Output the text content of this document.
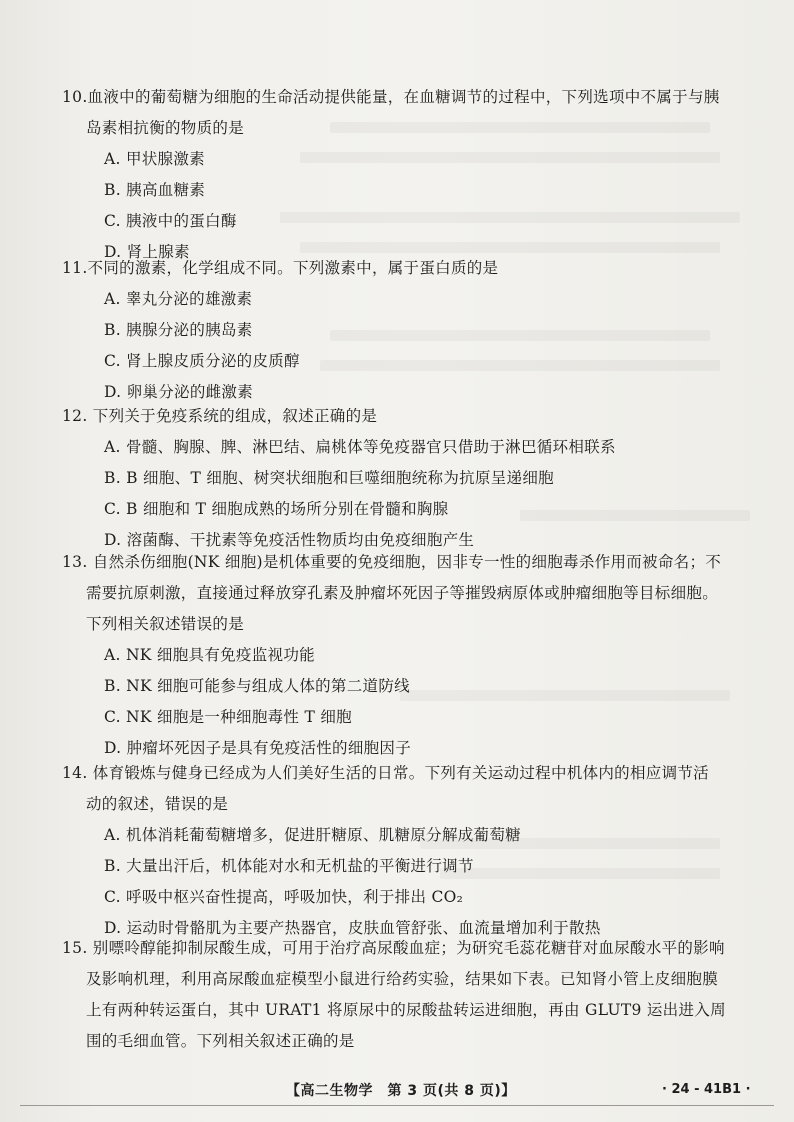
10.血液中的葡萄糖为细胞的生命活动提供能量，在血糖调节的过程中，下列选项中不属于与胰

岛素相抗衡的物质的是

A. 甲状腺激素

B. 胰高血糖素

C. 胰液中的蛋白酶

D. 肾上腺素

11.不同的激素，化学组成不同。下列激素中，属于蛋白质的是

A. 睾丸分泌的雄激素

B. 胰腺分泌的胰岛素

C. 肾上腺皮质分泌的皮质醇

D. 卵巢分泌的雌激素

12. 下列关于免疫系统的组成，叙述正确的是

A. 骨髓、胸腺、脾、淋巴结、扁桃体等免疫器官只借助于淋巴循环相联系

B. B 细胞、T 细胞、树突状细胞和巨噬细胞统称为抗原呈递细胞

C. B 细胞和 T 细胞成熟的场所分别在骨髓和胸腺

D. 溶菌酶、干扰素等免疫活性物质均由免疫细胞产生

13. 自然杀伤细胞(NK 细胞)是机体重要的免疫细胞，因非专一性的细胞毒杀作用而被命名；不

需要抗原刺激，直接通过释放穿孔素及肿瘤坏死因子等摧毁病原体或肿瘤细胞等目标细胞。

下列相关叙述错误的是

A. NK 细胞具有免疫监视功能

B. NK 细胞可能参与组成人体的第二道防线

C. NK 细胞是一种细胞毒性 T 细胞

D. 肿瘤坏死因子是具有免疫活性的细胞因子

14. 体育锻炼与健身已经成为人们美好生活的日常。下列有关运动过程中机体内的相应调节活

动的叙述，错误的是

A. 机体消耗葡萄糖增多，促进肝糖原、肌糖原分解成葡萄糖

B. 大量出汗后，机体能对水和无机盐的平衡进行调节

C. 呼吸中枢兴奋性提高，呼吸加快，利于排出 CO₂

D. 运动时骨骼肌为主要产热器官，皮肤血管舒张、血流量增加利于散热

15. 别嘌呤醇能抑制尿酸生成，可用于治疗高尿酸血症；为研究毛蕊花糖苷对血尿酸水平的影响

及影响机理，利用高尿酸血症模型小鼠进行给药实验，结果如下表。已知肾小管上皮细胞膜

上有两种转运蛋白，其中 URAT1 将原尿中的尿酸盐转运进细胞，再由 GLUT9 运出进入周

围的毛细血管。下列相关叙述正确的是

【高二生物学　第 3 页(共 8 页)】	· 24 - 41B1 ·
